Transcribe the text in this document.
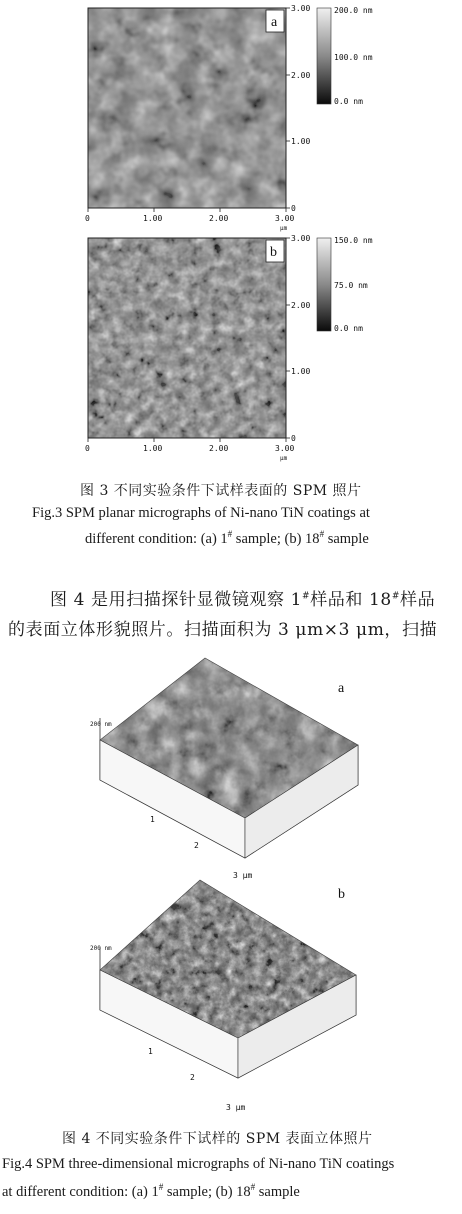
a
200.0 nm
100.0 nm
0.0 nm
3.00
2.00
1.00
0
0	1.00	2.00	3.00
μm
b
150.0 nm
75.0 nm
0.0 nm
3.00
2.00
1.00
0
0	1.00	2.00	3.00
μm
图 3 不同实验条件下试样表面的 SPM 照片
Fig.3 SPM planar micrographs of Ni-nano TiN coatings at
different condition: (a) 1# sample; (b) 18# sample
图 4 是用扫描探针显微镜观察 1#样品和 18#样品
的表面立体形貌照片。扫描面积为 3 μm×3 μm，扫描
200 nm
1
2
3 μm
a
200 nm
1
2
3 μm
b
图 4 不同实验条件下试样的 SPM 表面立体照片
Fig.4 SPM three-dimensional micrographs of Ni-nano TiN coatings
at different condition: (a) 1# sample; (b) 18# sample
